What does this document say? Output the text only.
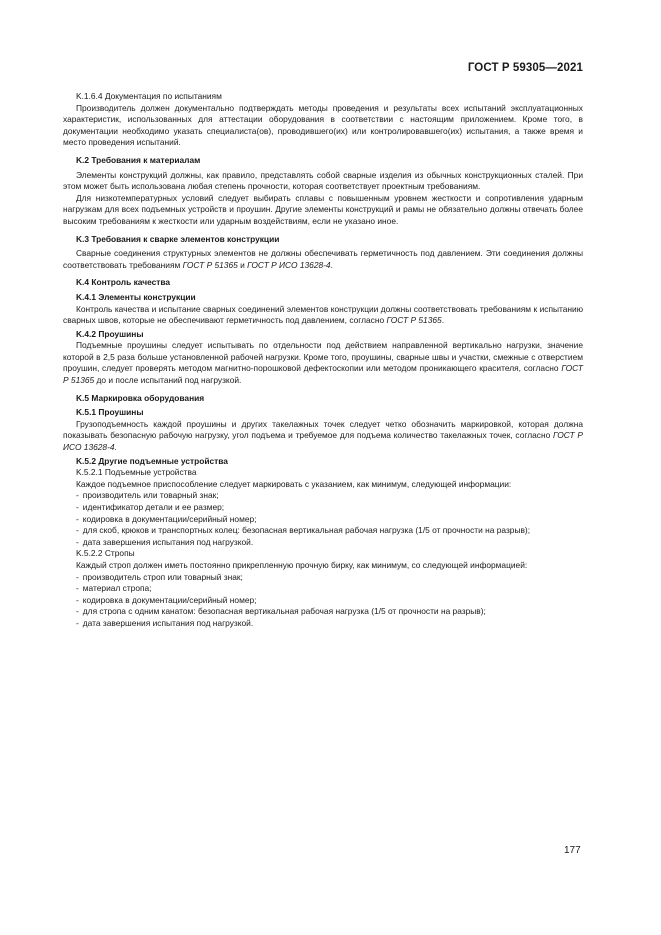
ГОСТ Р 59305—2021

K.1.6.4 Документация по испытаниям

Производитель должен документально подтверждать методы проведения и результаты всех испытаний эксплуатационных характеристик, использованных для аттестации оборудования в соответствии с настоящим приложением. Кроме того, в документации необходимо указать специалиста(ов), проводившего(их) или контролировавшего(их) испытания, а также время и место проведения испытаний.

K.2 Требования к материалам

Элементы конструкций должны, как правило, представлять собой сварные изделия из обычных конструкционных сталей. При этом может быть использована любая степень прочности, которая соответствует проектным требованиям.

Для низкотемпературных условий следует выбирать сплавы с повышенным уровнем жесткости и сопротивления ударным нагрузкам для всех подъемных устройств и проушин. Другие элементы конструкций и рамы не обязательно должны отвечать более высоким требованиям к жесткости или ударным воздействиям, если не указано иное.

K.3 Требования к сварке элементов конструкции

Сварные соединения структурных элементов не должны обеспечивать герметичность под давлением. Эти соединения должны соответствовать требованиям ГОСТ Р 51365 и ГОСТ Р ИСО 13628-4.

K.4 Контроль качества

K.4.1 Элементы конструкции

Контроль качества и испытание сварных соединений элементов конструкции должны соответствовать требованиям к испытанию сварных швов, которые не обеспечивают герметичность под давлением, согласно ГОСТ Р 51365.

K.4.2 Проушины

Подъемные проушины следует испытывать по отдельности под действием направленной вертикально нагрузки, значение которой в 2,5 раза больше установленной рабочей нагрузки. Кроме того, проушины, сварные швы и участки, смежные с отверстием проушин, следует проверять методом магнитно-порошковой дефектоскопии или методом проникающего красителя, согласно ГОСТ Р 51365 до и после испытаний под нагрузкой.

K.5 Маркировка оборудования

K.5.1 Проушины

Грузоподъемность каждой проушины и других такелажных точек следует четко обозначить маркировкой, которая должна показывать безопасную рабочую нагрузку, угол подъема и требуемое для подъема количество такелажных точек, согласно ГОСТ Р ИСО 13628-4.

K.5.2 Другие подъемные устройства

K.5.2.1 Подъемные устройства

Каждое подъемное приспособление следует маркировать с указанием, как минимум, следующей информации:

- производитель или товарный знак;

- идентификатор детали и ее размер;

- кодировка в документации/серийный номер;

- для скоб, крюков и транспортных колец: безопасная вертикальная рабочая нагрузка (1/5 от прочности на разрыв);

- дата завершения испытания под нагрузкой.

K.5.2.2 Стропы

Каждый строп должен иметь постоянно прикрепленную прочную бирку, как минимум, со следующей информацией:

- производитель строп или товарный знак;

- материал стропа;

- кодировка в документации/серийный номер;

- для стропа с одним канатом: безопасная вертикальная рабочая нагрузка (1/5 от прочности на разрыв);

- дата завершения испытания под нагрузкой.

177
